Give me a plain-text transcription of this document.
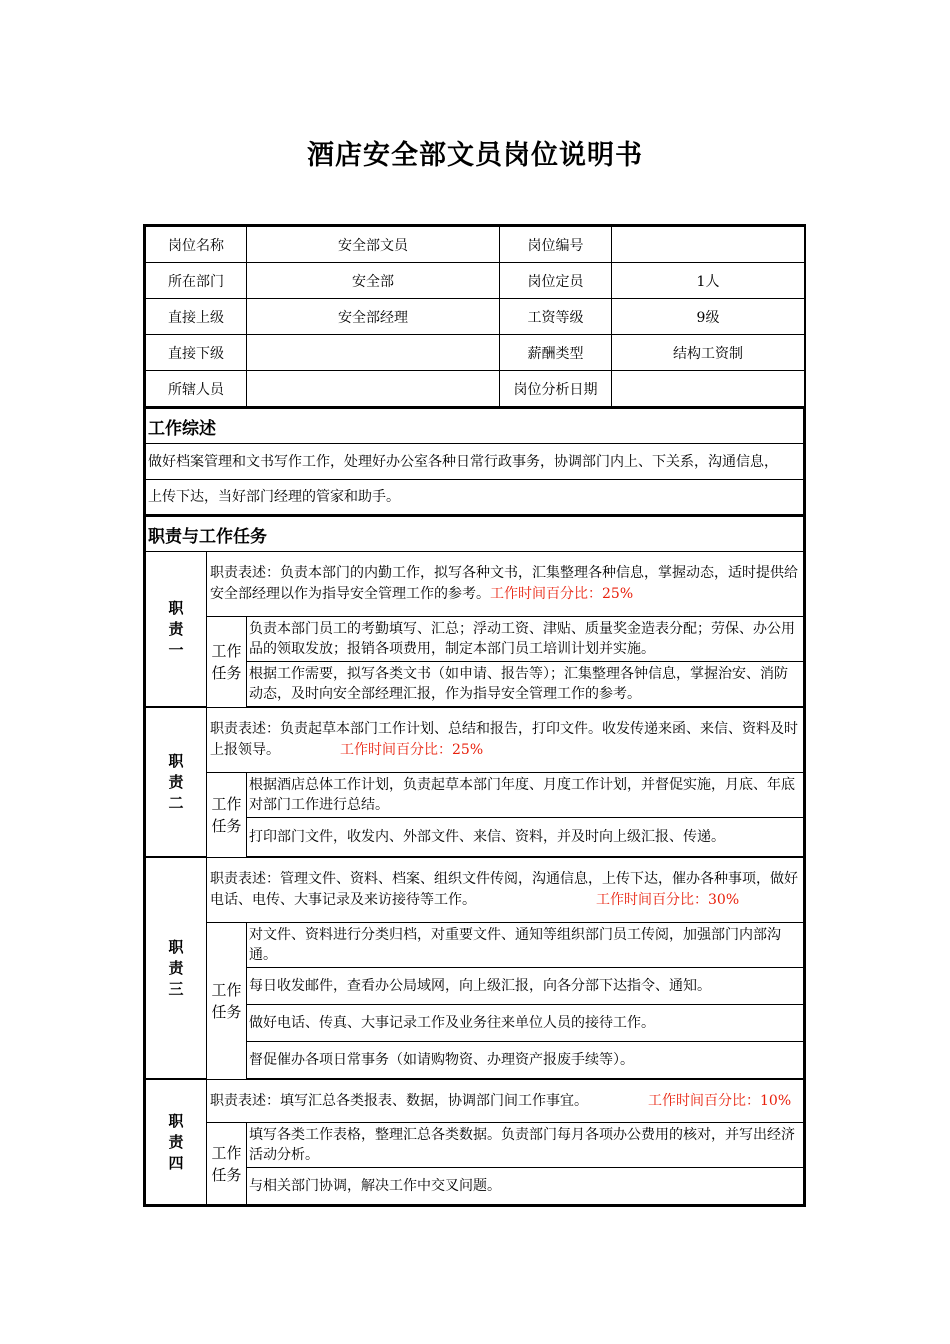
酒店安全部文员岗位说明书
岗位名称	安全部文员	岗位编号	
所在部门	安全部	岗位定员	1人
直接上级	安全部经理	工资等级	9级
直接下级		薪酬类型	结构工资制
所辖人员		岗位分析日期	
工作综述

做好档案管理和文书写作工作，处理好办公室各种日常行政事务，协调部门内上、下关系，沟通信息，

上传下达，当好部门经理的管家和助手。
职责与工作任务		
职责一	职责表述：负责本部门的内勤工作，拟写各种文书，汇集整理各种信息，掌握动态，适时提供给安全部经理以作为指导安全管理工作的参考。工作时间百分比：25%	
	工作任务	负责本部门员工的考勤填写、汇总；浮动工资、津贴、质量奖金造表分配；劳保、办公用品的领取发放；报销各项费用，制定本部门员工培训计划并实施。
		根据工作需要，拟写各类文书（如申请、报告等）；汇集整理各钟信息，掌握治安、消防动态，及时向安全部经理汇报，作为指导安全管理工作的参考。
职责二	职责表述：负责起草本部门工作计划、总结和报告，打印文件。收发传递来函、来信、资料及时上报领导。 工作时间百分比：25%	
	工作任务	根据酒店总体工作计划，负责起草本部门年度、月度工作计划，并督促实施，月底、年底对部门工作进行总结。
		打印部门文件，收发内、外部文件、来信、资料，并及时向上级汇报、传递。
职责三	职责表述：管理文件、资料、档案、组织文件传阅，沟通信息，上传下达，催办各种事项，做好电话、电传、大事记录及来访接待等工作。 工作时间百分比：30%	
	工作任务	对文件、资料进行分类归档，对重要文件、通知等组织部门员工传阅，加强部门内部沟通。
		每日收发邮件，查看办公局域网，向上级汇报，向各分部下达指令、通知。
		做好电话、传真、大事记录工作及业务往来单位人员的接待工作。
		督促催办各项日常事务（如请购物资、办理资产报废手续等）。
职责四	职责表述：填写汇总各类报表、数据，协调部门间工作事宜。 工作时间百分比：10%	
	工作任务	填写各类工作表格，整理汇总各类数据。负责部门每月各项办公费用的核对，并写出经济活动分析。
		与相关部门协调，解决工作中交叉问题。
